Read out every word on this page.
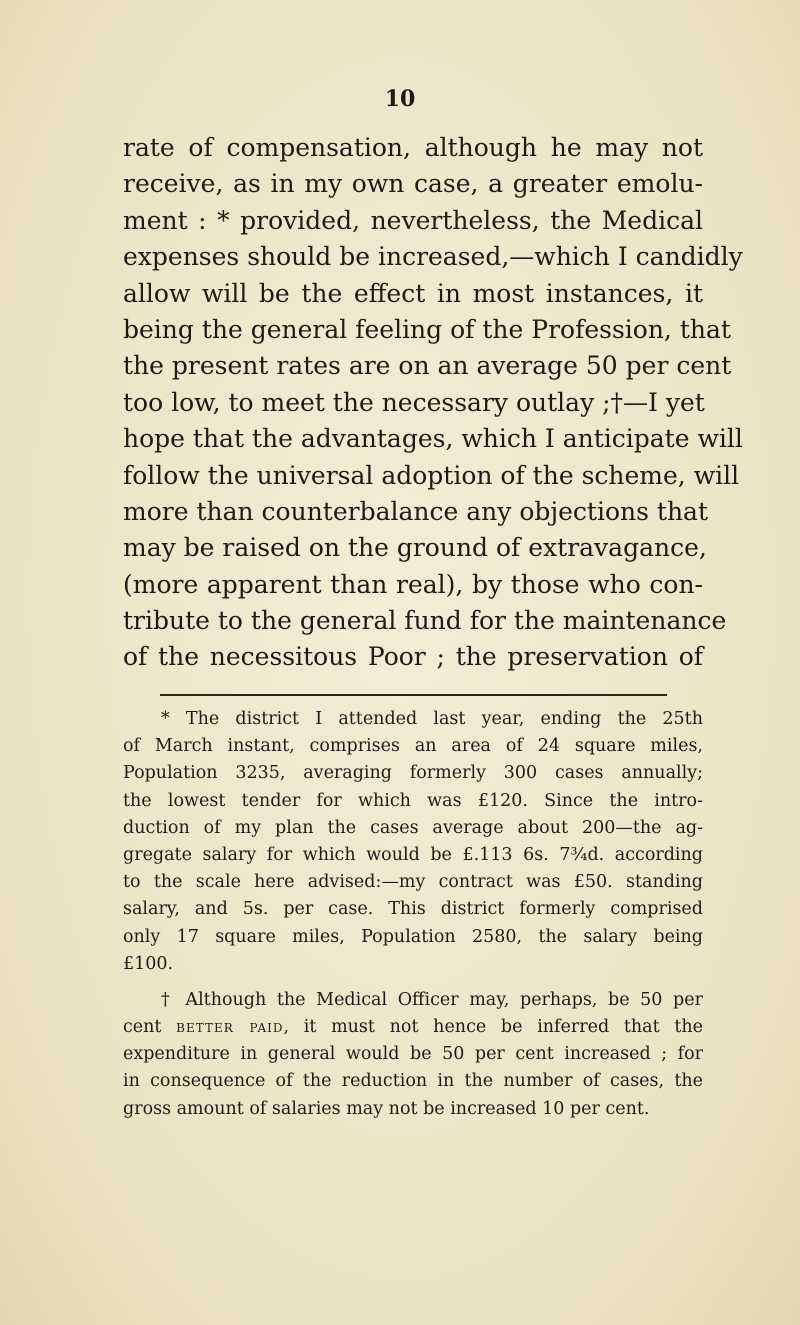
10
rate of compensation, although he may not
receive, as in my own case, a greater emolu-
ment : * provided, nevertheless, the Medical
expenses should be increased,—which I candidly
allow will be the effect in most instances, it
being the general feeling of the Profession, that
the present rates are on an average 50 per cent
too low, to meet the necessary outlay ;†—I yet
hope that the advantages, which I anticipate will
follow the universal adoption of the scheme, will
more than counterbalance any objections that
may be raised on the ground of extravagance,
(more apparent than real), by those who con-
tribute to the general fund for the maintenance
of the necessitous Poor ; the preservation of
* The district I attended last year, ending the 25th
of March instant, comprises an area of 24 square miles,
Population 3235, averaging formerly 300 cases annually;
the lowest tender for which was £120. Since the intro-
duction of my plan the cases average about 200—the ag-
gregate salary for which would be £.113 6s. 7¾d. according
to the scale here advised:—my contract was £50. standing
salary, and 5s. per case. This district formerly comprised
only 17 square miles, Population 2580, the salary being
£100.
† Although the Medical Officer may, perhaps, be 50 per
cent better paid, it must not hence be inferred that the
expenditure in general would be 50 per cent increased ; for
in consequence of the reduction in the number of cases, the
gross amount of salaries may not be increased 10 per cent.
